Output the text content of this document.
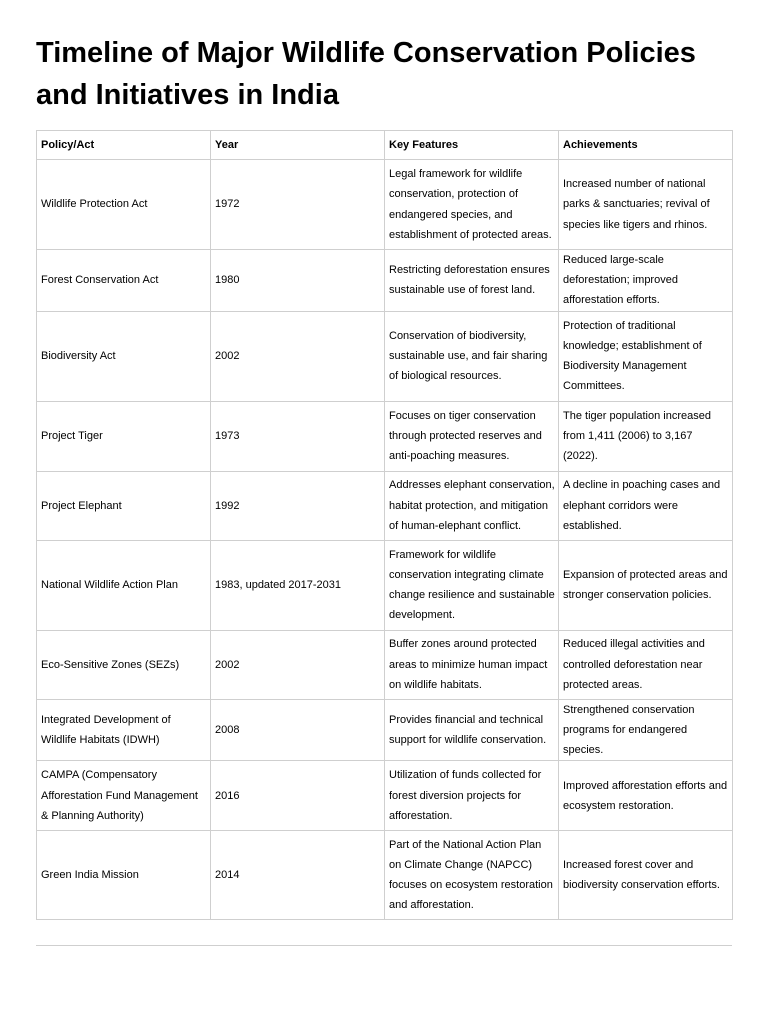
Timeline of Major Wildlife Conservation Policies and Initiatives in India
Policy/Act	Year	Key Features	Achievements
Wildlife Protection Act	1972	Legal framework for wildlife conservation, protection of endangered species, and establishment of protected areas.	Increased number of national parks & sanctuaries; revival of species like tigers and rhinos.
Forest Conservation Act	1980	Restricting deforestation ensures sustainable use of forest land.	Reduced large-scale deforestation; improved afforestation efforts.
Biodiversity Act	2002	Conservation of biodiversity, sustainable use, and fair sharing of biological resources.	Protection of traditional knowledge; establishment of Biodiversity Management Committees.
Project Tiger	1973	Focuses on tiger conservation through protected reserves and anti-poaching measures.	The tiger population increased from 1,411 (2006) to 3,167 (2022).
Project Elephant	1992	Addresses elephant conservation, habitat protection, and mitigation of human-elephant conflict.	A decline in poaching cases and elephant corridors were established.
National Wildlife Action Plan	1983, updated 2017-2031	Framework for wildlife conservation integrating climate change resilience and sustainable development.	Expansion of protected areas and stronger conservation policies.
Eco-Sensitive Zones (SEZs)	2002	Buffer zones around protected areas to minimize human impact on wildlife habitats.	Reduced illegal activities and controlled deforestation near protected areas.
Integrated Development of Wildlife Habitats (IDWH)	2008	Provides financial and technical support for wildlife conservation.	Strengthened conservation programs for endangered species.
CAMPA (Compensatory Afforestation Fund Management & Planning Authority)	2016	Utilization of funds collected for forest diversion projects for afforestation.	Improved afforestation efforts and ecosystem restoration.
Green India Mission	2014	Part of the National Action Plan on Climate Change (NAPCC) focuses on ecosystem restoration and afforestation.	Increased forest cover and biodiversity conservation efforts.
